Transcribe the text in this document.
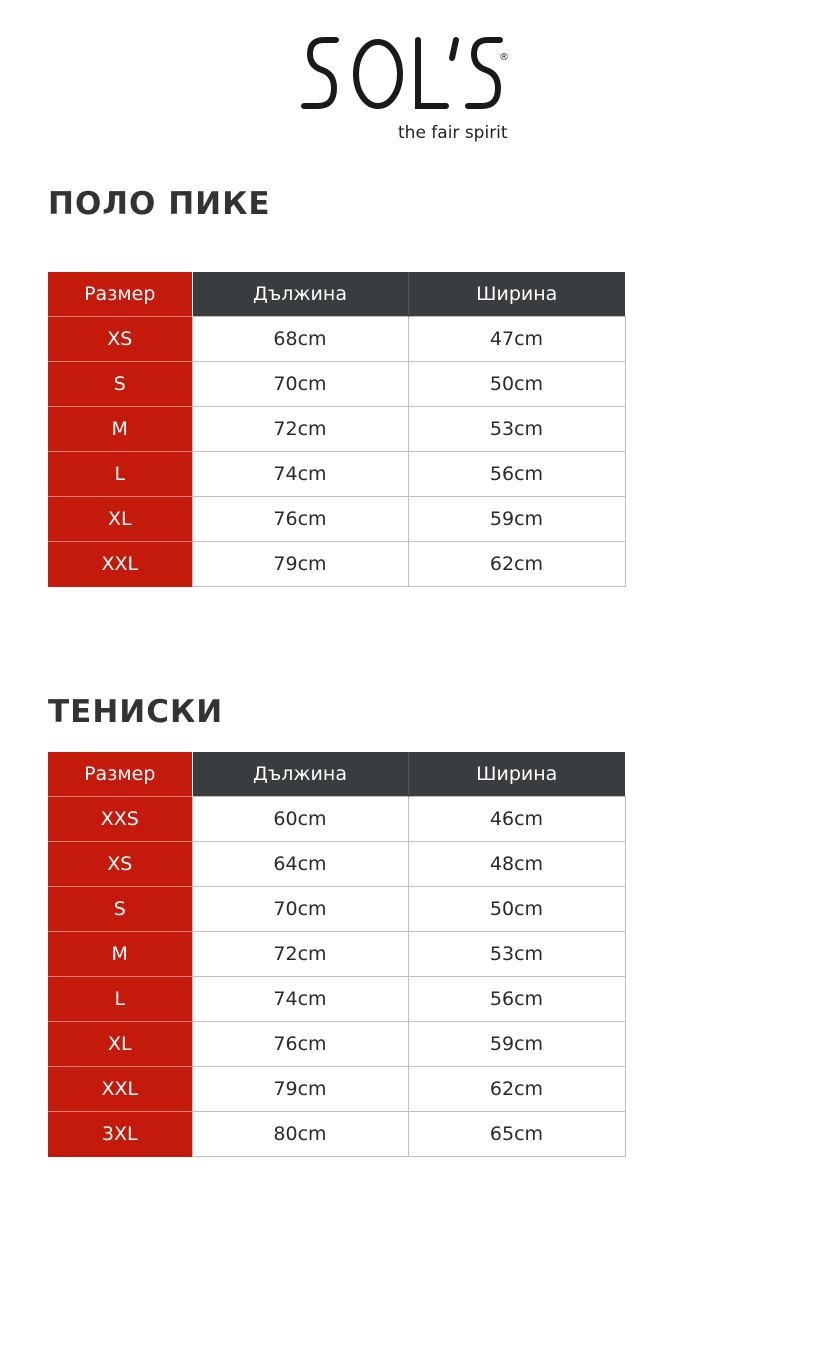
®
the fair spirit
ПОЛО ПИКЕ
Размер	Дължина	Ширина
XS	68cm	47cm
S	70cm	50cm
M	72cm	53cm
L	74cm	56cm
XL	76cm	59cm
XXL	79cm	62cm
ТЕНИСКИ
Размер	Дължина	Ширина
XXS	60cm	46cm
XS	64cm	48cm
S	70cm	50cm
M	72cm	53cm
L	74cm	56cm
XL	76cm	59cm
XXL	79cm	62cm
3XL	80cm	65cm
